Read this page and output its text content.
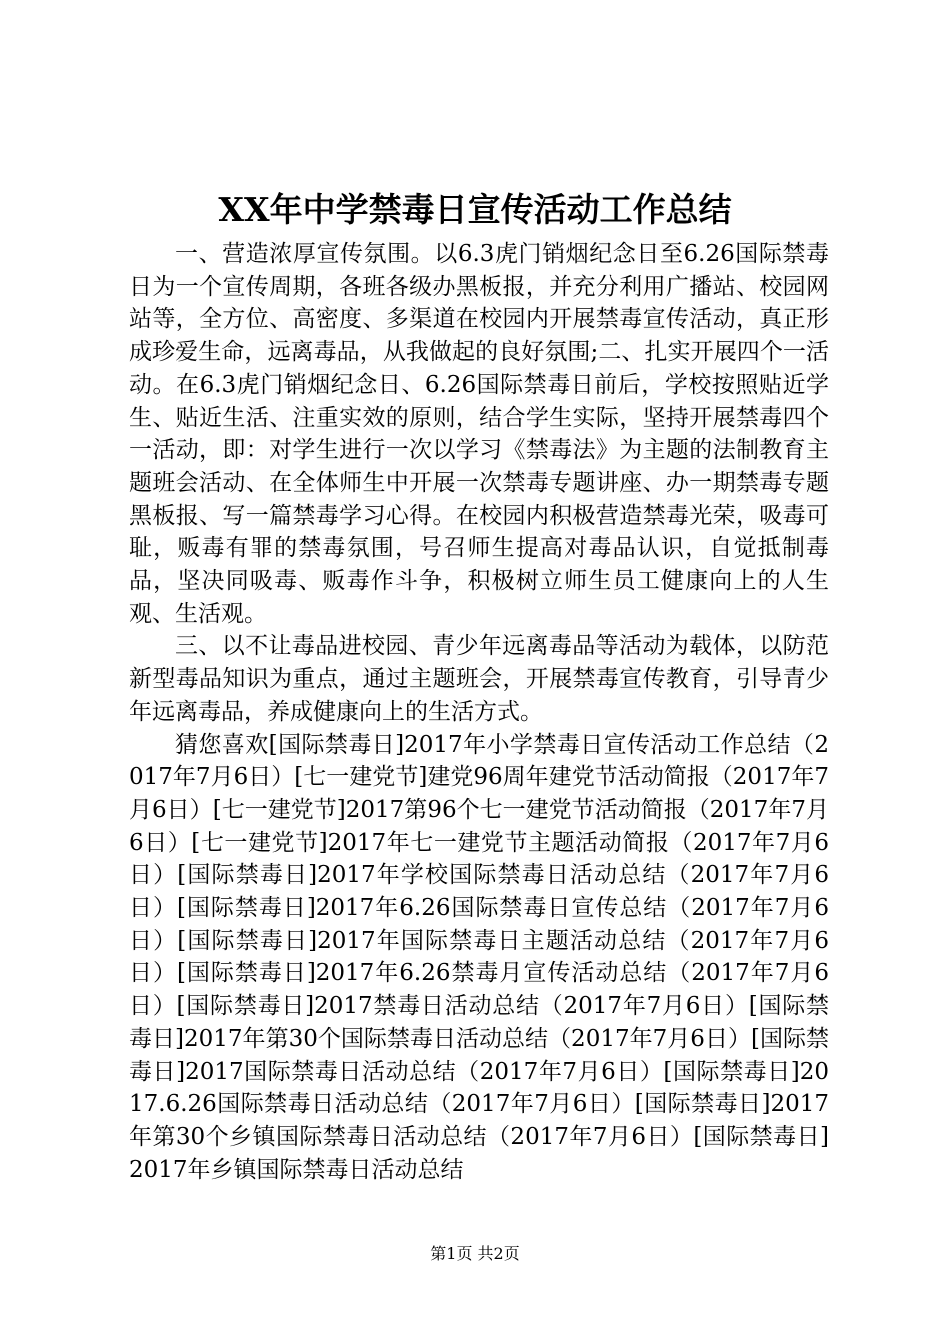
XX年中学禁毒日宣传活动工作总结

一、营造浓厚宣传氛围。以6.3虎门销烟纪念日至6.26国际禁毒日为一个宣传周期，各班各级办黑板报，并充分利用广播站、校园网站等，全方位、高密度、多渠道在校园内开展禁毒宣传活动，真正形成珍爱生命，远离毒品，从我做起的良好氛围;二、扎实开展四个一活动。在6.3虎门销烟纪念日、6.26国际禁毒日前后，学校按照贴近学生、贴近生活、注重实效的原则，结合学生实际，坚持开展禁毒四个一活动，即：对学生进行一次以学习《禁毒法》为主题的法制教育主题班会活动、在全体师生中开展一次禁毒专题讲座、办一期禁毒专题黑板报、写一篇禁毒学习心得。在校园内积极营造禁毒光荣，吸毒可耻，贩毒有罪的禁毒氛围，号召师生提高对毒品认识，自觉抵制毒品，坚决同吸毒、贩毒作斗争，积极树立师生员工健康向上的人生观、生活观。

三、以不让毒品进校园、青少年远离毒品等活动为载体，以防范新型毒品知识为重点，通过主题班会，开展禁毒宣传教育，引导青少年远离毒品，养成健康向上的生活方式。

猜您喜欢[国际禁毒日]2017年小学禁毒日宣传活动工作总结（2017年7月6日）[七一建党节]建党96周年建党节活动简报（2017年7月6日）[七一建党节]2017第96个七一建党节活动简报（2017年7月6日）[七一建党节]2017年七一建党节主题活动简报（2017年7月6日）[国际禁毒日]2017年学校国际禁毒日活动总结（2017年7月6日）[国际禁毒日]2017年6.26国际禁毒日宣传总结（2017年7月6日）[国际禁毒日]2017年国际禁毒日主题活动总结（2017年7月6日）[国际禁毒日]2017年6.26禁毒月宣传活动总结（2017年7月6日）[国际禁毒日]2017禁毒日活动总结（2017年7月6日）[国际禁毒日]2017年第30个国际禁毒日活动总结（2017年7月6日）[国际禁毒日]2017国际禁毒日活动总结（2017年7月6日）[国际禁毒日]2017.6.26国际禁毒日活动总结（2017年7月6日）[国际禁毒日]2017年第30个乡镇国际禁毒日活动总结（2017年7月6日）[国际禁毒日]2017年乡镇国际禁毒日活动总结

第1页 共2页
